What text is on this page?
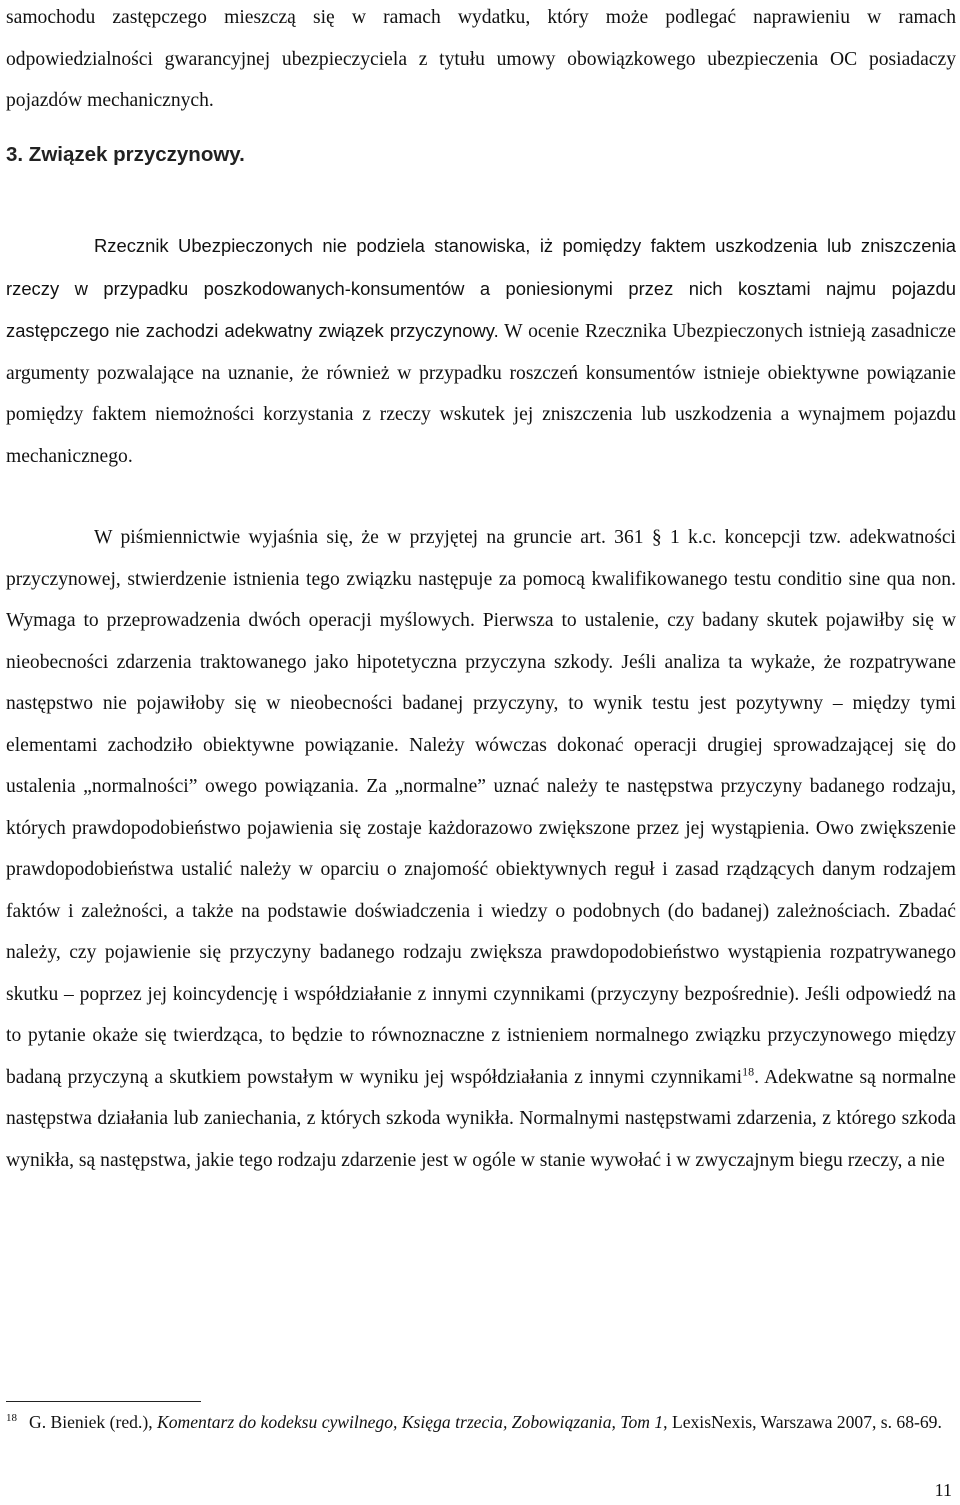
samochodu zastępczego mieszczą się w ramach wydatku, który może podlegać naprawieniu w ramach odpowiedzialności gwarancyjnej ubezpieczyciela z tytułu umowy obowiązkowego ubezpieczenia OC posiadaczy pojazdów mechanicznych.

3. Związek przyczynowy.

Rzecznik Ubezpieczonych nie podziela stanowiska, iż pomiędzy faktem uszkodzenia lub zniszczenia rzeczy w przypadku poszkodowanych-konsumentów a poniesionymi przez nich kosztami najmu pojazdu zastępczego nie zachodzi adekwatny związek przyczynowy. W ocenie Rzecznika Ubezpieczonych istnieją zasadnicze argumenty pozwalające na uznanie, że również w przypadku roszczeń konsumentów istnieje obiektywne powiązanie pomiędzy faktem niemożności korzystania z rzeczy wskutek jej zniszczenia lub uszkodzenia a wynajmem pojazdu mechanicznego.

W piśmiennictwie wyjaśnia się, że w przyjętej na gruncie art. 361 § 1 k.c. koncepcji tzw. adekwatności przyczynowej, stwierdzenie istnienia tego związku następuje za pomocą kwalifikowanego testu conditio sine qua non. Wymaga to przeprowadzenia dwóch operacji myślowych. Pierwsza to ustalenie, czy badany skutek pojawiłby się w nieobecności zdarzenia traktowanego jako hipotetyczna przyczyna szkody. Jeśli analiza ta wykaże, że rozpatrywane następstwo nie pojawiłoby się w nieobecności badanej przyczyny, to wynik testu jest pozytywny – między tymi elementami zachodziło obiektywne powiązanie. Należy wówczas dokonać operacji drugiej sprowadzającej się do ustalenia „normalności” owego powiązania. Za „normalne” uznać należy te następstwa przyczyny badanego rodzaju, których prawdopodobieństwo pojawienia się zostaje każdorazowo zwiększone przez jej wystąpienia. Owo zwiększenie prawdopodobieństwa ustalić należy w oparciu o znajomość obiektywnych reguł i zasad rządzących danym rodzajem faktów i zależności, a także na podstawie doświadczenia i wiedzy o podobnych (do badanej) zależnościach. Zbadać należy, czy pojawienie się przyczyny badanego rodzaju zwiększa prawdopodobieństwo wystąpienia rozpatrywanego skutku – poprzez jej koincydencję i współdziałanie z innymi czynnikami (przyczyny bezpośrednie). Jeśli odpowiedź na to pytanie okaże się twierdząca, to będzie to równoznaczne z istnieniem normalnego związku przyczynowego między badaną przyczyną a skutkiem powstałym w wyniku jej współdziałania z innymi czynnikami$^{18}$. Adekwatne są normalne następstwa działania lub zaniechania, z których szkoda wynikła. Normalnymi następstwami zdarzenia, z którego szkoda wynikła, są następstwa, jakie tego rodzaju zdarzenie jest w ogóle w stanie wywołać i w zwyczajnym biegu rzeczy, a nie

$^{18}$ G. Bieniek (red.), Komentarz do kodeksu cywilnego, Księga trzecia, Zobowiązania, Tom 1, LexisNexis, Warszawa 2007, s. 68-69.
11
